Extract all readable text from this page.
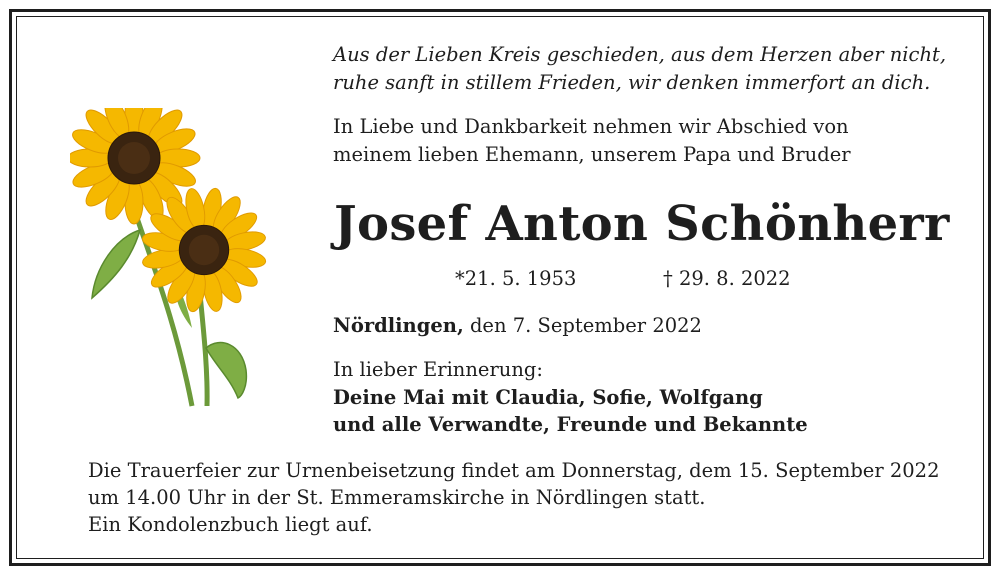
Aus der Lieben Kreis geschieden, aus dem Herzen aber nicht,
ruhe sanft in stillem Frieden, wir denken immerfort an dich.
In Liebe und Dankbarkeit nehmen wir Abschied von
meinem lieben Ehemann, unserem Papa und Bruder
Josef Anton Schönherr
*21. 5. 1953	† 29. 8. 2022
Nördlingen, den 7. September 2022
In lieber Erinnerung:
Deine Mai mit Claudia, Sofie, Wolfgang
und alle Verwandte, Freunde und Bekannte
Die Trauerfeier zur Urnenbeisetzung findet am Donnerstag, dem 15. September 2022
um 14.00 Uhr in der St. Emmeramskirche in Nördlingen statt.
Ein Kondolenzbuch liegt auf.
